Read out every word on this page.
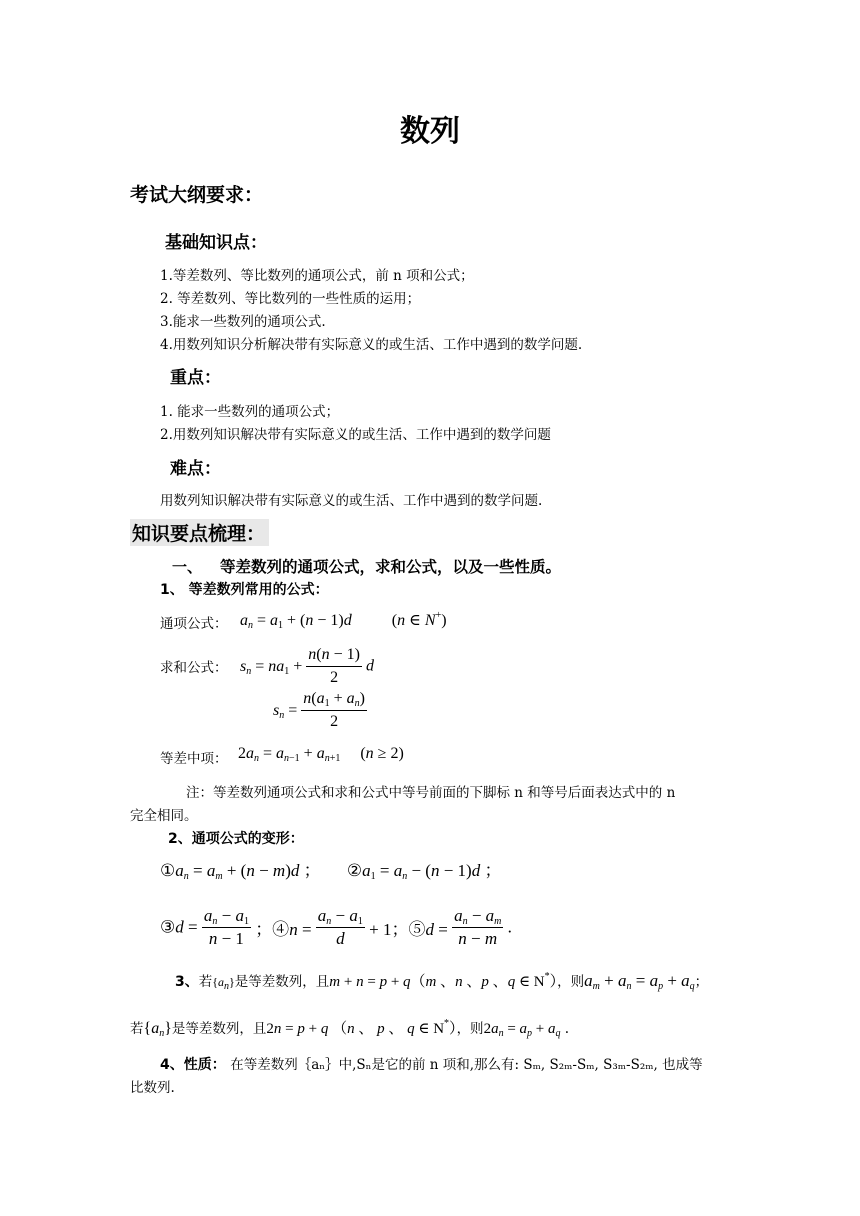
数列
考试大纲要求：
基础知识点：
1.等差数列、等比数列的通项公式，前 n 项和公式；
2. 等差数列、等比数列的一些性质的运用；
3.能求一些数列的通项公式.
4.用数列知识分析解决带有实际意义的或生活、工作中遇到的数学问题.
重点：
1. 能求一些数列的通项公式；
2.用数列知识解决带有实际意义的或生活、工作中遇到的数学问题
难点：
用数列知识解决带有实际意义的或生活、工作中遇到的数学问题.
知识要点梳理：
一、 等差数列的通项公式，求和公式，以及一些性质。
1、 等差数列常用的公式：
通项公式： $a_n = a_1 + (n - 1)d$	(n ∈ N+)
求和公式： $s_n = na_1 + \frac{n(n - 1)}{2}$ d
$s_n = \frac{n(a_1 + a_n)}{2}$
等差中项： $2a_n = a_{n-1} + a_{n+1}$ (n ≥ 2)
注：等差数列通项公式和求和公式中等号前面的下脚标 n 和等号后面表达式中的 n
完全相同。
2、通项公式的变形：
$①a_n = a_m + (n - m)d$ ； $②a_1 = a_n - (n - 1)d$ ；
③d = $\frac{a_n - a_1}{n - 1}$ ；④n = $\frac{a_n - a_1}{d} + 1$；⑤d = $\frac{a_n - a_m}{n - m}$ .
3、若$\{a_n\}$是等差数列，且m + n = p + q（m 、n 、p 、q ∈ N*），则$a_m + a_n = a_p + a_q$；
若$\{a_n\}$是等差数列，且2n = p + q （n 、 p 、 q ∈ N*），则$2a_n = a_p + a_q$ .
4、性质： 在等差数列｛aₙ｝中,Sₙ是它的前 n 项和,那么有: Sₘ, S₂ₘ-Sₘ, S₃ₘ-S₂ₘ, 也成等
比数列.
